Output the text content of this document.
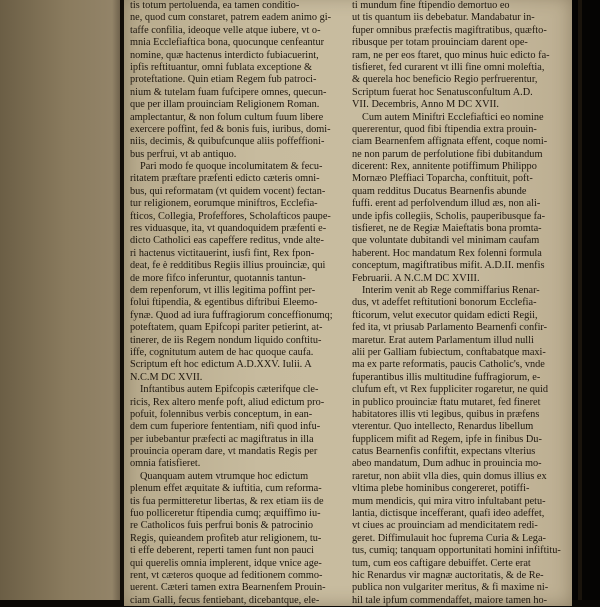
tis totum pertoluenda, ea tamen conditio-
ne, quod cum constaret, patrem eadem animo gi-
taffe confilia, ideoque velle atque iubere, vt o-
mnia Ecclefiaftica bona, quocunque cenfeantur
nomine, quæ hactenus interdicto fubiacuerint,
ipfis reftituantur, omni fublata exceptione &
proteftatione. Quin etiam Regem fub patroci-
nium & tutelam fuam fufcipere omnes, quecun-
que per illam prouinciam Religionem Roman.
amplectantur, & non folum cultum fuum libere
exercere poffint, fed & bonis fuis, iuribus, domi-
niis, decimis, & quibufcunque aliis poffeffioni-
bus perfrui, vt ab antiquo.
Pari modo fe quoque incolumitatem & fecu-
ritatem præftare præfenti edicto cæteris omni-
bus, qui reformatam (vt quidem vocent) fectan-
tur religionem, eorumque miniftros, Ecclefia-
fticos, Collegia, Profeffores, Scholafticos paupe-
res viduasque, ita, vt quandoquidem præfenti e-
dicto Catholici eas capeffere reditus, vnde alte-
ri hactenus victitauerint, iusfi fint, Rex fpon-
deat, fe è redditibus Regiis illius prouinciæ, qui
de more fifco inferuntur, quotannis tantun-
dem repenforum, vt illis legitima poffint per-
folui ftipendia, & egentibus diftribui Eleemo-
fynæ. Quod ad iura fuffragiorum conceffionumq;
poteftatem, quam Epifcopi pariter petierint, at-
tinerer, de iis Regem nondum liquido conftitu-
iffe, cognitutum autem de hac quoque caufa.
Scriptum eft hoc edictum A.D.XXV. Iulii. A
N.C.M DC XVII.
Inftantibus autem Epifcopis cæterifque cle-
ricis, Rex altero menfe poft, aliud edictum pro-
pofuit, folennibus verbis conceptum, in ean-
dem cum fuperiore fententiam, nifi quod infu-
per iubebantur præfecti ac magiftratus in illa
prouincia operam dare, vt mandatis Regis per
omnia fatisfieret.
Quanquam autem vtrumque hoc edictum
plenum effet æquitate & iuftitia, cum reforma-
tis fua permitteretur libertas, & rex etiam iis de
fuo polliceretur ftipendia cumq; æquiffimo iu-
re Catholicos fuis perfrui bonis & patrocinio
Regis, quieandem profiteb atur religionem, tu-
ti effe deberent, reperti tamen funt non pauci
qui querelis omnia implerent, idque vnice age-
rent, vt cæteros quoque ad feditionem commo-
uerent. Cæteri tamen extra Bearnenfem Prouin-
ciam Galli, fecus fentiebant, dicebantque, ele-
ti mundum fine ftipendio demortuo eo
ut tis quantum iis debebatur. Mandabatur in-
fuper omnibus præfectis magiftratibus, quæfto-
ribusque per totam prouinciam darent ope-
ram, ne per eos ftaret, quo minus huic edicto fa-
tisfieret, fed curarent vt illi fine omni moleftia,
& querela hoc beneficio Regio perfruerentur,
Scriptum fuerat hoc Senatusconfultum A.D.
VII. Decembris, Anno M DC XVII.
Cum autem Miniftri Ecclefiaftici eo nomine
quererentur, quod fibi ftipendia extra prouin-
ciam Bearnenfem affignata effent, coque nomi-
ne non parum de perfolutione fibi dubitandum
dicerent: Rex, annitente potiffimum Philippo
Mornæo Pleffiaci Toparcha, conftituit, poft-
quam redditus Ducatus Bearnenfis abunde
fuffi. erent ad perfolvendum illud æs, non ali-
unde ipfis collegiis, Scholis, pauperibusque fa-
tisfieret, ne de Regiæ Maieftatis bona promta-
que voluntate dubitandi vel minimam caufam
haberent. Hoc mandatum Rex folenni formula
conceptum, magiftratibus mifit. A.D.II. menfis
Februarii. A N.C.M DC XVIII.
Interim venit ab Rege commiffarius Renar-
dus, vt adeffet reftitutioni bonorum Ecclefia-
fticorum, velut executor quidam edicti Regii,
fed ita, vt priusab Parlamento Bearnenfi confir-
maretur. Erat autem Parlamentum illud nulli
alii per Galliam fubiectum, conftabatque maxi-
ma ex parte reformatis, paucis Catholic's, vnde
fuperantibus illis multitudine fuffragiorum, e-
clufum eft, vt Rex fuppliciter rogaretur, ne quid
in publico prouinciæ ftatu mutaret, fed fineret
habitatores illis vti legibus, quibus in præfens
vterentur. Quo intellecto, Renardus libellum
fupplicem mifit ad Regem, ipfe in finibus Du-
catus Bearnenfis confiftit, expectans vlterius
abeo mandatum, Dum adhuc in prouincia mo-
raretur, non abiit vlla dies, quin domus illius ex
vltima plebe hominibus congereret, potiffi-
mum mendicis, qui mira vitro infultabant petu-
lantia, dictisque incefferant, quafi ideo adeffet,
vt ciues ac prouinciam ad mendicitatem redi-
geret. Diffimulauit hoc fuprema Curia & Lega-
tus, cumiq; tanquam opportunitati homini infiftitu-
tum, cum eos caftigare debuiffet. Certe erat
hic Renardus vir magnæ auctoritatis, & de Re-
publica non vulgariter meritus, & fi maxime ni-
hil tale ipfum commendaffet, maiore tamen ho-
